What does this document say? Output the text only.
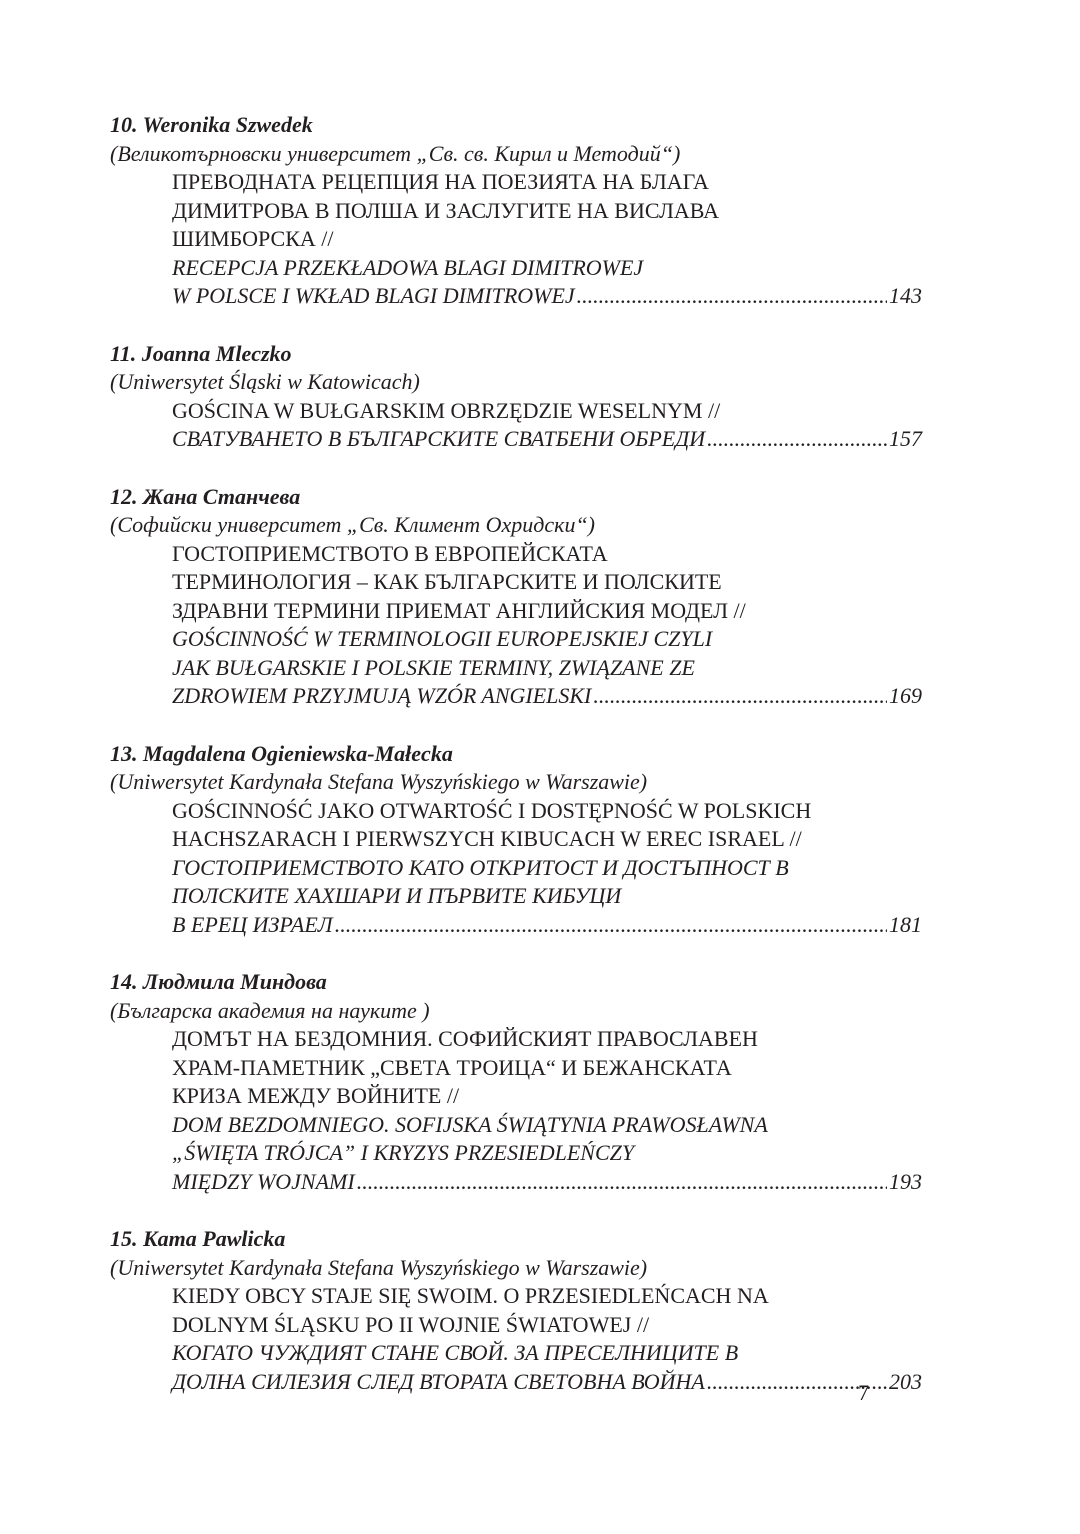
10. Weronika Szwedek
(Великотърновски университет „Св. св. Кирил и Методий“)
ПРЕВОДНАТА РЕЦЕПЦИЯ НА ПОЕЗИЯТА НА БЛАГА
ДИМИТРОВА В ПОЛША И ЗАСЛУГИТЕ НА ВИСЛАВА
ШИМБОРСКА //
RECEPCJA PRZEKŁADOWA BLAGI DIMITROWEJ
W POLSCE I WKŁAD BLAGI DIMITROWEJ .....	143
11. Joanna Mleczko
(Uniwersytet Śląski w Katowicach)
GOŚCINA W BUŁGARSKIM OBRZĘDZIE WESELNYM //
СВАТУВАНЕТО В БЪЛГАРСКИТЕ СВАТБЕНИ ОБРЕДИ .....	157
12. Жана Станчева
(Софийски университет „Св. Климент Охридски“)
ГОСТОПРИЕМСТВОТО В ЕВРОПЕЙСКАТА
ТЕРМИНОЛОГИЯ – КАК БЪЛГАРСКИТЕ И ПОЛСКИТЕ
ЗДРАВНИ ТЕРМИНИ ПРИЕМАТ АНГЛИЙСКИЯ МОДЕЛ //
GOŚCINNOŚĆ W TERMINOLOGII EUROPEJSKIEJ CZYLI
JAK BUŁGARSKIE I POLSKIE TERMINY, ZWIĄZANE ZE
ZDROWIEM PRZYJMUJĄ WZÓR ANGIELSKI .....	169
13. Magdalena Ogieniewska-Małecka
(Uniwersytet Kardynała Stefana Wyszyńskiego w Warszawie)
GOŚCINNOŚĆ JAKO OTWARTOŚĆ I DOSTĘPNOŚĆ W POLSKICH
HACHSZARACH I PIERWSZYCH KIBUCACH W EREC ISRAEL //
ГОСТОПРИЕМСТВОТО КАТО ОТКРИТОСТ И ДОСТЪПНОСТ В
ПОЛСКИТЕ ХАХШАРИ И ПЪРВИТЕ КИБУЦИ
В ЕРЕЦ ИЗРАЕЛ .....	181
14. Людмила Миндова
(Българска академия на науките )
ДОМЪТ НА БЕЗДОМНИЯ. СОФИЙСКИЯТ ПРАВОСЛАВЕН
ХРАМ-ПАМЕТНИК „СВЕТА ТРОИЦА“ И БЕЖАНСКАТА
КРИЗА МЕЖДУ ВОЙНИТЕ //
DOM BEZDOMNIEGO. SOFIJSKA ŚWIĄTYNIA PRAWOSŁAWNA
„ŚWIĘTA TRÓJCA” I KRYZYS PRZESIEDLEŃCZY
MIĘDZY WOJNAMI .....	193
15. Kama Pawlicka
(Uniwersytet Kardynała Stefana Wyszyńskiego w Warszawie)
KIEDY OBCY STAJE SIĘ SWOIM. O PRZESIEDLEŃCACH NA
DOLNYM ŚLĄSKU PO II WOJNIE ŚWIATOWEJ //
КОГАТО ЧУЖДИЯТ СТАНЕ СВОЙ. ЗА ПРЕСЕЛНИЦИТЕ В
ДОЛНА СИЛЕЗИЯ СЛЕД ВТОРАТА СВЕТОВНА ВОЙНА .....	203
7
